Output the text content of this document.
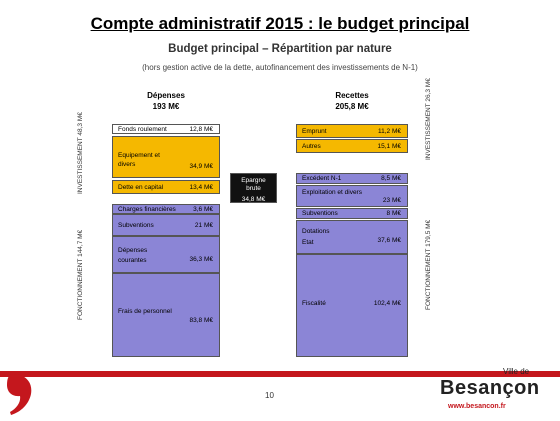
Compte administratif 2015 : le budget principal
Budget principal – Répartition par nature
(hors gestion active de la dette, autofinancement des investissements de N-1)
Dépenses
193 M€
Recettes
205,8 M€
Fonds roulement	12,8 M€
Equipement et divers	34,9 M€
Dette en capital	13,4 M€
Charges financières	3,6 M€
Subventions	21 M€
Dépenses courantes	36,3 M€
Frais de personnel
83,8 M€
Epargne brute
34,8 M€
Emprunt	11,2 M€
Autres	15,1 M€
Excédent N-1	8,5 M€
Exploitation et divers
23 M€
Subventions	8 M€
Dotations Etat	37,6 M€
Fiscalité	102,4 M€
INVESTISSEMENT 48,3 M€
FONCTIONNEMENT 144,7 M€
INVESTISSEMENT 26,3 M€
FONCTIONNEMENT 179,5 M€
10
Ville de
Besançon
www.besancon.fr
